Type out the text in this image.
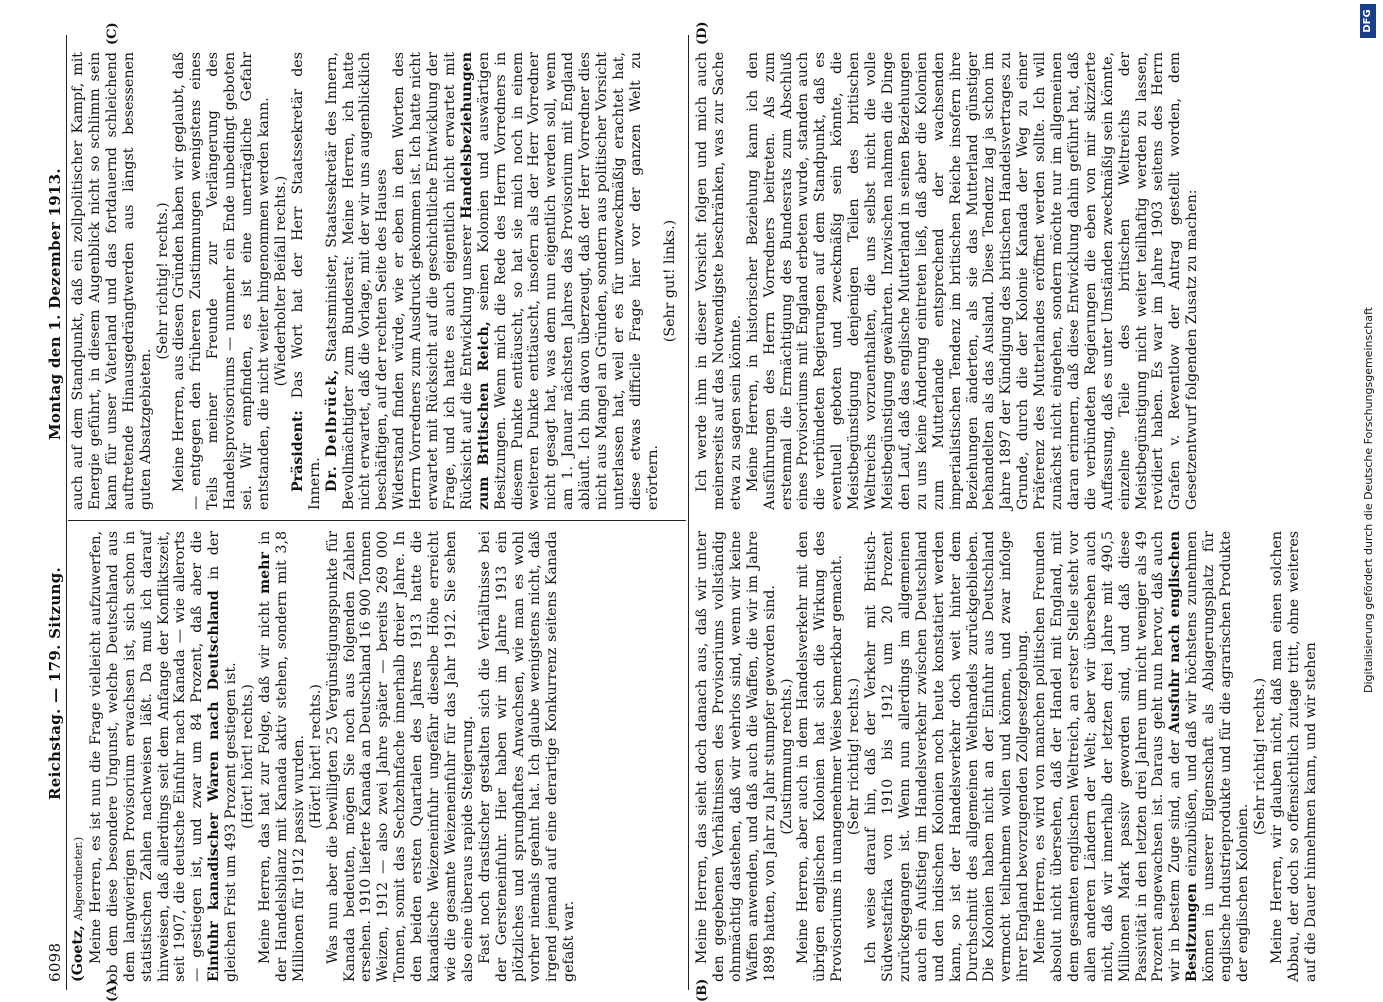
6098
Reichstag. — 179. Sitzung.
Montag den 1. Dezember 1913.
(A)	(B)
(C)	(D)

(Goetz, Abgeordneter.) Meine Herren, es ist nun die Frage vielleicht aufzuwerfen, ob dem diese besondere Ungunst, welche Deutschland aus dem langwierigen Provisorium erwachsen ist, sich schon in statistischen Zahlen nachweisen läßt. Da muß ich darauf hinweisen, daß allerdings seit dem Anfange der Konfliktszeit, seit 1907, die deutsche Einfuhr nach Kanada — wie allerorts — gestiegen ist, und zwar um 84 Prozent, daß aber die Einfuhr kanadischer Waren nach Deutschland in der gleichen Frist um 493 Prozent gestiegen ist. (Hört! hört! rechts.) Meine Herren, das hat zur Folge, daß wir nicht mehr in der Handelsbilanz mit Kanada aktiv stehen, sondern mit 3,8 Millionen für 1912 passiv wurden. (Hört! hört! rechts.) Was nun aber die bewilligten 25 Vergünstigungspunkte für Kanada bedeuten, mögen Sie noch aus folgenden Zahlen ersehen. 1910 lieferte Kanada an Deutschland 16 900 Tonnen Weizen, 1912 — also zwei Jahre später — bereits 269 000 Tonnen, somit das Sechzehnfache innerhalb dreier Jahre. In den beiden ersten Quartalen des Jahres 1913 hatte die kanadische Weizeneinfuhr ungefähr dieselbe Höhe erreicht wie die gesamte Weizeneinfuhr für das Jahr 1912. Sie sehen also eine überaus rapide Steigerung. Fast noch drastischer gestalten sich die Verhältnisse bei der Gersteneinfuhr. Hier haben wir im Jahre 1913 ein plötzliches und sprunghaftes Anwachsen, wie man es wohl vorher niemals geahnt hat. Ich glaube wenigstens nicht, daß irgend jemand auf eine derartige Konkurrenz seitens Kanada gefaßt war.

auch auf dem Standpunkt, daß ein zollpolitischer Kampf, mit Energie geführt, in diesem Augenblick nicht so schlimm sein kann für unser Vaterland und das fortdauernd schleichend auftretende Hinausgedrängtwerden aus längst besessenen guten Absatzgebieten.

(Sehr richtig! rechts.) Meine Herren, aus diesen Gründen haben wir geglaubt, daß — entgegen den früheren Zustimmungen wenigstens eines Teils meiner Freunde zur Verlängerung des Handelsprovisoriums — nunmehr ein Ende unbedingt geboten sei. Wir empfinden, es ist eine unerträgliche Gefahr entstanden, die nicht weiter hingenommen werden kann. (Wiederholter Beifall rechts.)

Präsident: Das Wort hat der Herr Staatssekretär des Innern. Dr. Delbrück, Staatsminister, Staatssekretär des Innern, Bevollmächtigter zum Bundesrat: Meine Herren, ich hatte nicht erwartet, daß die Vorlage, mit der wir uns augenblicklich beschäftigen, auf der rechten Seite des Hauses Widerstand finden würde, wie er eben in den Worten des Herrn Vorredners zum Ausdruck gekommen ist. Ich hatte nicht erwartet mit Rücksicht auf die geschichtliche Entwicklung der Frage, und ich hatte es auch eigentlich nicht erwartet mit Rücksicht auf die Entwicklung unserer Handelsbeziehungen zum Britischen Reich, seinen Kolonien und auswärtigen Besitzungen. Wenn mich die Rede des Herrn Vorredners in diesem Punkte enttäuscht, so hat sie mich noch in einem weiteren Punkte enttäuscht, insofern als der Herr Vorredner nicht gesagt hat, was denn nun eigentlich werden soll, wenn am 1. Januar nächsten Jahres das Provisorium mit England abläuft. Ich bin davon überzeugt, daß der Herr Vorredner dies nicht aus Mangel an Gründen, sondern aus politischer Vorsicht unterlassen hat, weil er es für unzweckmäßig erachtet hat, diese etwas difficile Frage hier vor der ganzen Welt zu erörtern.

(Sehr gut! links.)

Meine Herren, das sieht doch danach aus, daß wir unter den gegebenen Verhältnissen des Provisoriums vollständig ohnmächtig dastehen, daß wir wehrlos sind, wenn wir keine Waffen anwenden, und daß auch die Waffen, die wir im Jahre 1898 hatten, von Jahr zu Jahr stumpfer geworden sind. (Zustimmung rechts.) Meine Herren, aber auch in dem Handelsverkehr mit den übrigen englischen Kolonien hat sich die Wirkung des Provisoriums in unangenehmer Weise bemerkbar gemacht. (Sehr richtig! rechts.) Ich weise darauf hin, daß der Verkehr mit Britisch-Südwestafrika von 1910 bis 1912 um 20 Prozent zurückgegangen ist. Wenn nun allerdings im allgemeinen auch ein Aufstieg im Handelsverkehr zwischen Deutschland und den indischen Kolonien noch heute konstatiert werden kann, so ist der Handelsverkehr doch weit hinter dem Durchschnitt des allgemeinen Welthandels zurückgeblieben. Die Kolonien haben nicht an der Einfuhr aus Deutschland vermocht teilnehmen wollen und können, und zwar infolge ihrer England bevorzugenden Zollgesetzgebung. Meine Herren, es wird von manchen politischen Freunden absolut nicht übersehen, daß der Handel mit England, mit dem gesamten englischen Weltreich, an erster Stelle steht vor allen anderen Ländern der Welt; aber wir übersehen auch nicht, daß wir innerhalb der letzten drei Jahre mit 490,5 Millionen Mark passiv geworden sind, und daß diese Passivität in den letzten drei Jahren um nicht weniger als 49 Prozent angewachsen ist. Daraus geht nun hervor, daß auch wir in bestem Zuge sind, an der Ausfuhr nach englischen Besitzungen einzubüßen, und daß wir höchstens zunehmen können in unserer Eigenschaft als Ablagerungsplatz für englische Industrieprodukte und für die agrarischen Produkte der englischen Kolonien.

(Sehr richtig! rechts.) Meine Herren, wir glauben nicht, daß man einen solchen Abbau, der doch so offensichtlich zutage tritt, ohne weiteres auf die Dauer hinnehmen kann, und wir stehen

Ich werde ihm in dieser Vorsicht folgen und mich auch meinerseits auf das Notwendigste beschränken, was zur Sache etwa zu sagen sein könnte. Meine Herren, in historischer Beziehung kann ich den Ausführungen des Herrn Vorredners beitreten. Als zum erstenmal die Ermächtigung des Bundesrats zum Abschluß eines Provisoriums mit England erbeten wurde, standen auch die verbündeten Regierungen auf dem Standpunkt, daß es eventuell geboten und zweckmäßig sein könnte, die Meistbegünstigung denjenigen Teilen des britischen Weltreichs vorzuenthalten, die uns selbst nicht die volle Meistbegünstigung gewährten. Inzwischen nahmen die Dinge den Lauf, daß das englische Mutterland in seinen Beziehungen zu uns keine Änderung eintreten ließ, daß aber die Kolonien zum Mutterlande entsprechend der wachsenden imperialistischen Tendenz im britischen Reiche insofern ihre Beziehungen änderten, als sie das Mutterland günstiger behandelten als das Ausland. Diese Tendenz lag ja schon im Jahre 1897 der Kündigung des britischen Handelsvertrages zu Grunde, durch die der Kolonie Kanada der Weg zu einer Präferenz des Mutterlandes eröffnet werden sollte. Ich will zunächst nicht eingehen, sondern möchte nur im allgemeinen daran erinnern, daß diese Entwicklung dahin geführt hat, daß die verbündeten Regierungen die eben von mir skizzierte Auffassung, daß es unter Umständen zweckmäßig sein könnte, einzelne Teile des britischen Weltreichs der Meistbegünstigung nicht weiter teilhaftig werden zu lassen, revidiert haben. Es war im Jahre 1903 seitens des Herrn Grafen v. Reventlow der Antrag gestellt worden, dem Gesetzentwurf folgenden Zusatz zu machen:	Digitalisierung gefördert durch die Deutsche Forschungsgemeinschaft
DFG
